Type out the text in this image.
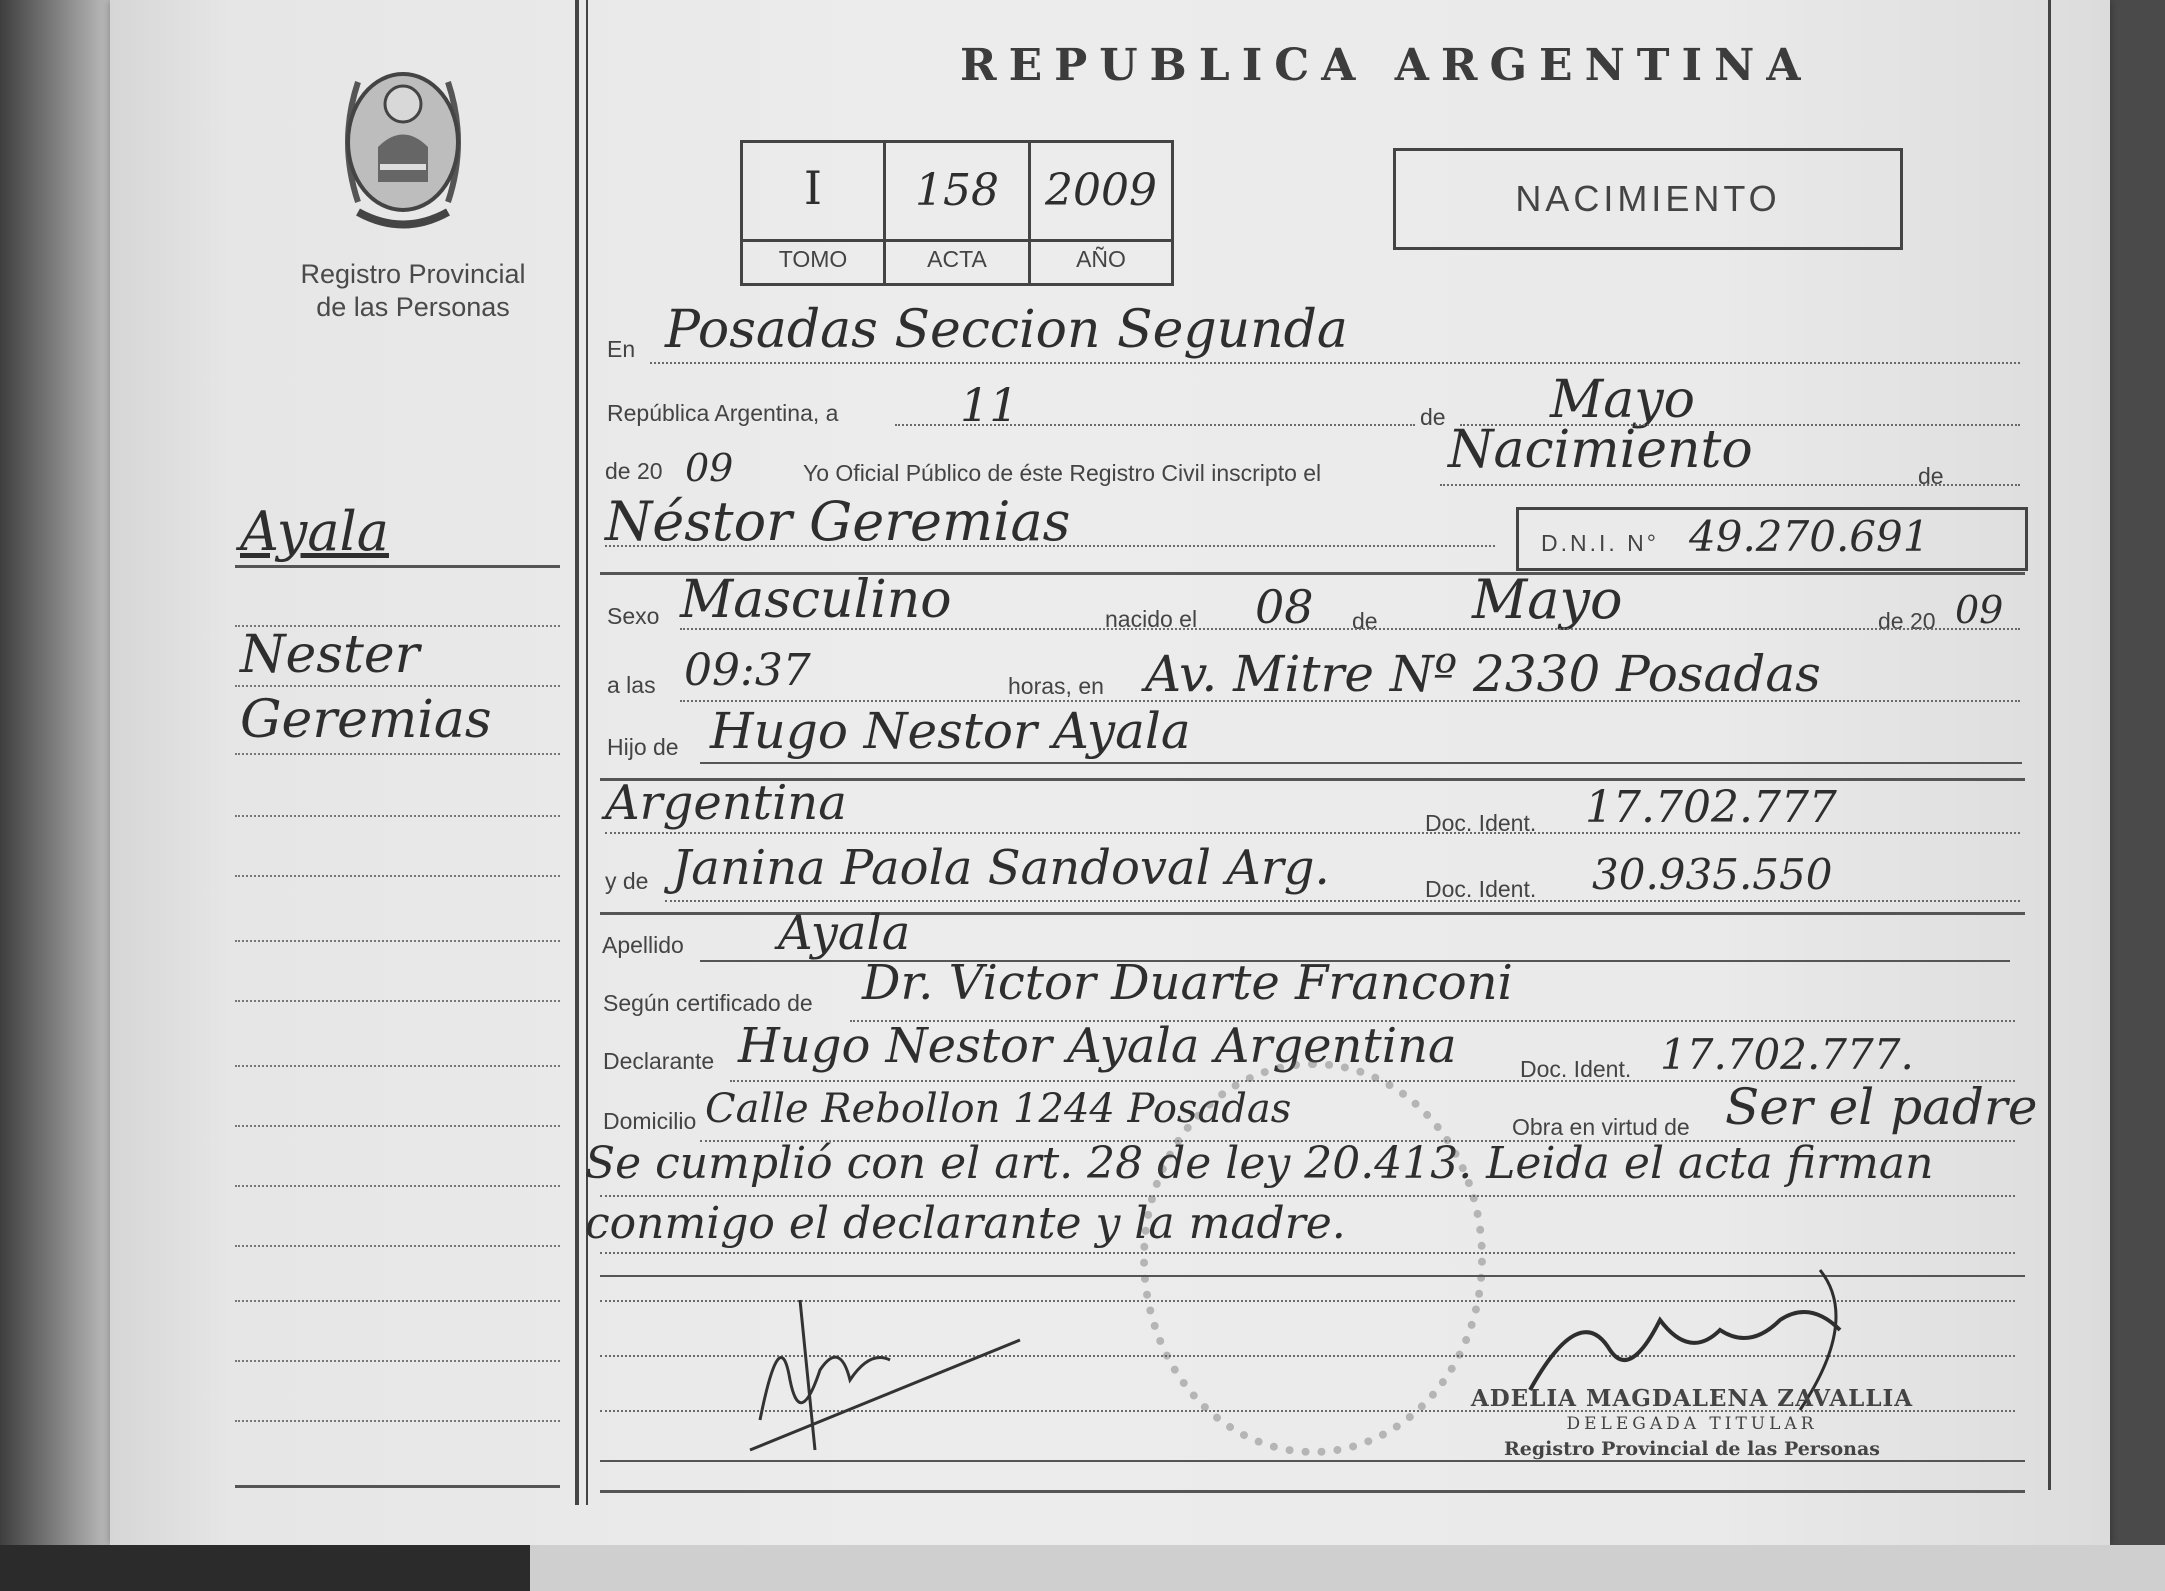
Registro Provincial
de las Personas
Ayala
Nester
Geremias
REPUBLICA ARGENTINA
I	158	2009
TOMO	ACTA	AÑO
NACIMIENTO
En Posadas Seccion Segunda
República Argentina, a	11	de Mayo
de 20 09	Yo Oficial Público de éste Registro Civil inscripto el Nacimiento	de
Néstor Geremias	D.N.I. N° 49.270.691
Sexo Masculino	nacido el 08 de Mayo	de 20 09
a las 09:37	horas, en Av. Mitre Nº 2330 Posadas
Hijo de Hugo Nestor Ayala
Argentina	Doc. Ident. 17.702.777
y de Janina Paola Sandoval Arg.	Doc. Ident. 30.935.550
Apellido Ayala
Según certificado de Dr. Victor Duarte Franconi
Declarante Hugo Nestor Ayala Argentina	Doc. Ident. 17.702.777.
Domicilio Calle Rebollon 1244 Posadas	Obra en virtud de Ser el padre
Se cumplió con el art. 28 de ley 20.413. Leida el acta firman
conmigo el declarante y la madre.
ADELIA MAGDALENA ZAVALLIA
DELEGADA TITULAR
Registro Provincial de las Personas
